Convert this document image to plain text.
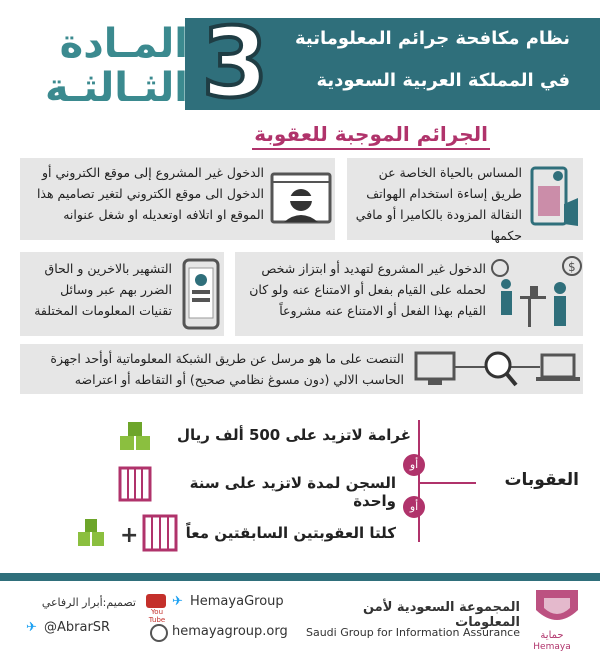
نظام مكافحة جرائم المعلوماتية
في المملكة العربية السعودية
3
المـادة
الثـالثـة
الجرائم الموجبة للعقوبة
المساس بالحياة الخاصة عن طريق إساءة استخدام الهواتف النقالة المزودة بالكاميرا أو مافي حكمها
الدخول غير المشروع إلى موقع الكتروني أو الدخول الى موقع الكتروني لتغير تصاميم هذا الموقع او اتلافه اوتعديله او شغل عنوانه
الدخول غير المشروع لتهديد أو ابتزاز شخص لحمله على القيام بفعل أو الامتناع عنه ولو كان القيام بهذا الفعل أو الامتناع عنه مشروعاً
$
التشهير بالاخرين و الحاق الضرر بهم عبر وسائل تقنيات المعلومات المختلفة
التنصت على ما هو مرسل عن طريق الشبكة المعلوماتية أوأحد اجهزة الحاسب الالي (دون مسوغ نظامي صحيح) أو التقاطه أو اعتراضه
العقوبات
غرامة لاتزيد على 500 ألف ريال
أو
السجن لمدة لاتزيد على سنة واحدة	أو
+	كلتا العقوبتين السابقتين معاً
حماية
Hemaya
المجموعة السعودية لأمن المعلومات
Saudi Group for Information Assurance
You Tube
✈ HemayaGroup
hemayagroup.org
تصميم:أبرار الرفاعي
✈ @AbrarSR
